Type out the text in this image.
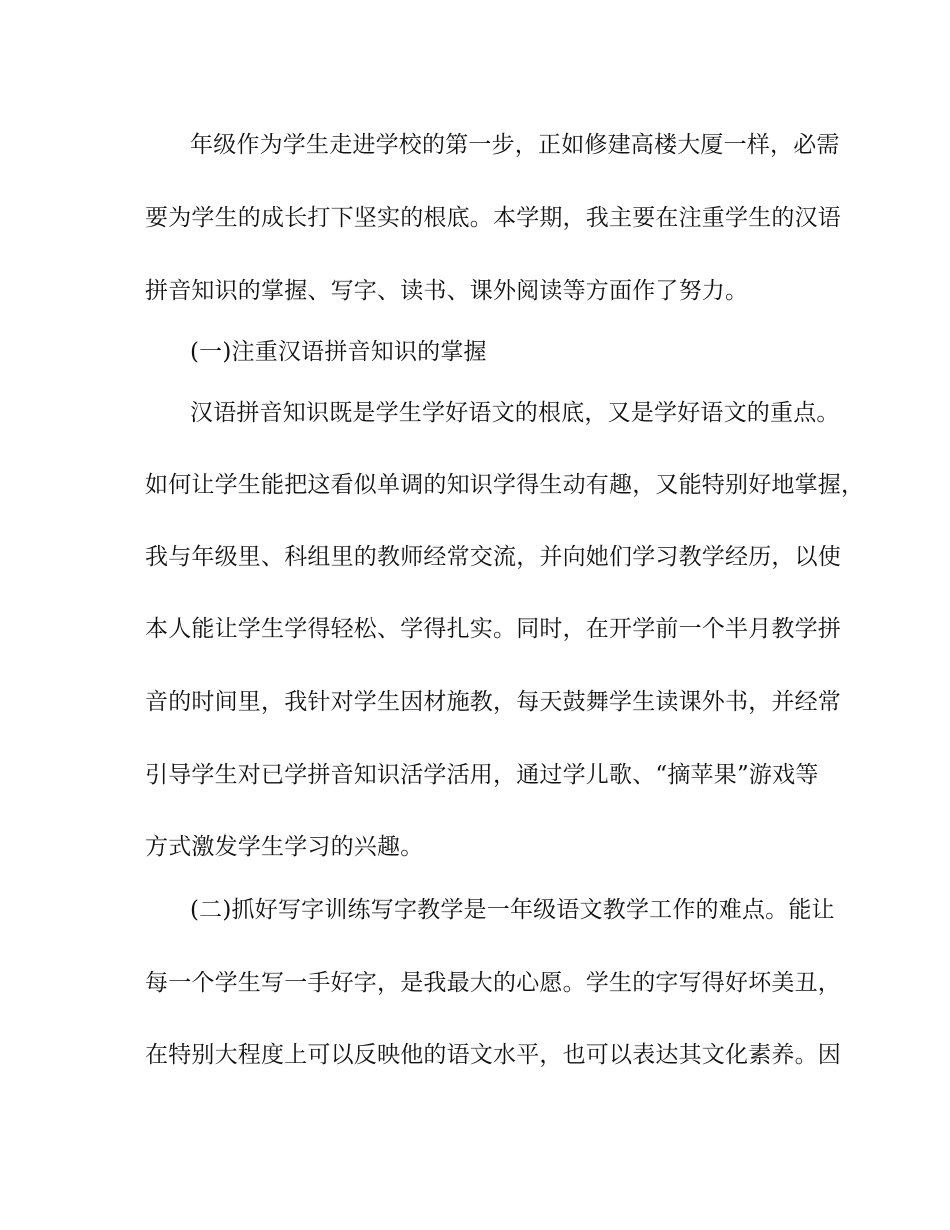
年级作为学生走进学校的第一步，正如修建高楼大厦一样，必需
要为学生的成长打下坚实的根底。本学期，我主要在注重学生的汉语
拼音知识的掌握、写字、读书、课外阅读等方面作了努力。
(一)注重汉语拼音知识的掌握
汉语拼音知识既是学生学好语文的根底，又是学好语文的重点。
如何让学生能把这看似单调的知识学得生动有趣，又能特别好地掌握，
我与年级里、科组里的教师经常交流，并向她们学习教学经历，以使
本人能让学生学得轻松、学得扎实。同时，在开学前一个半月教学拼
音的时间里，我针对学生因材施教，每天鼓舞学生读课外书，并经常
引导学生对已学拼音知识活学活用，通过学儿歌、“摘苹果”游戏等
方式激发学生学习的兴趣。
(二)抓好写字训练写字教学是一年级语文教学工作的难点。能让
每一个学生写一手好字，是我最大的心愿。学生的字写得好坏美丑，
在特别大程度上可以反映他的语文水平，也可以表达其文化素养。因
